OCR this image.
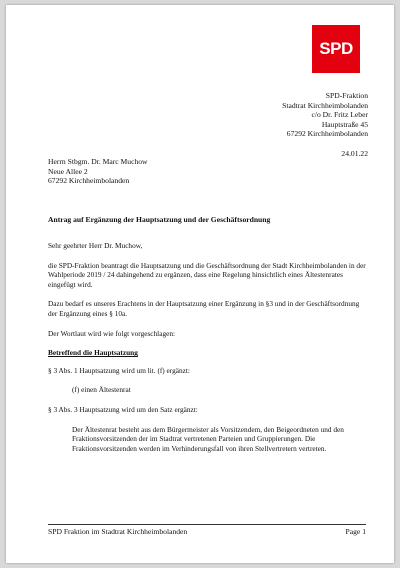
SPD
SPD-Fraktion
Stadtrat Kirchheimbolanden
c/o Dr. Fritz Leber
Hauptstraße 45
67292 Kirchheimbolanden
24.01.22
Herrn Stbgm. Dr. Marc Muchow
Neue Allee 2
67292 Kirchheimbolanden
Antrag auf Ergänzung der Hauptsatzung und der Geschäftsordnung

Sehr geehrter Herr Dr. Muchow,

die SPD-Fraktion beantragt die Hauptsatzung und die Geschäftsordnung der Stadt Kirchheimbolanden in der Wahlperiode 2019 / 24 dahingehend zu ergänzen, dass eine Regelung hinsichtlich eines Ältestenrates eingefügt wird.

Dazu bedarf es unseres Erachtens in der Hauptsatzung einer Ergänzung in §3 und in der Geschäftsordnung der Ergänzung eines § 10a.

Der Wortlaut wird wie folgt vorgeschlagen:

Betreffend die Hauptsatzung

§ 3 Abs. 1 Hauptsatzung wird um lit. (f) ergänzt:

(f) einen Ältestenrat

§ 3 Abs. 3 Hauptsatzung wird um den Satz ergänzt:

Der Ältestenrat besteht aus dem Bürgermeister als Vorsitzendem, den Beigeordneten und den Fraktionsvorsitzenden der im Stadtrat vertretenen Parteien und Gruppierungen. Die Fraktionsvorsitzenden werden im Verhinderungsfall von ihren Stellvertretern vertreten.

SPD Fraktion im Stadtrat Kirchheimbolanden	Page 1
